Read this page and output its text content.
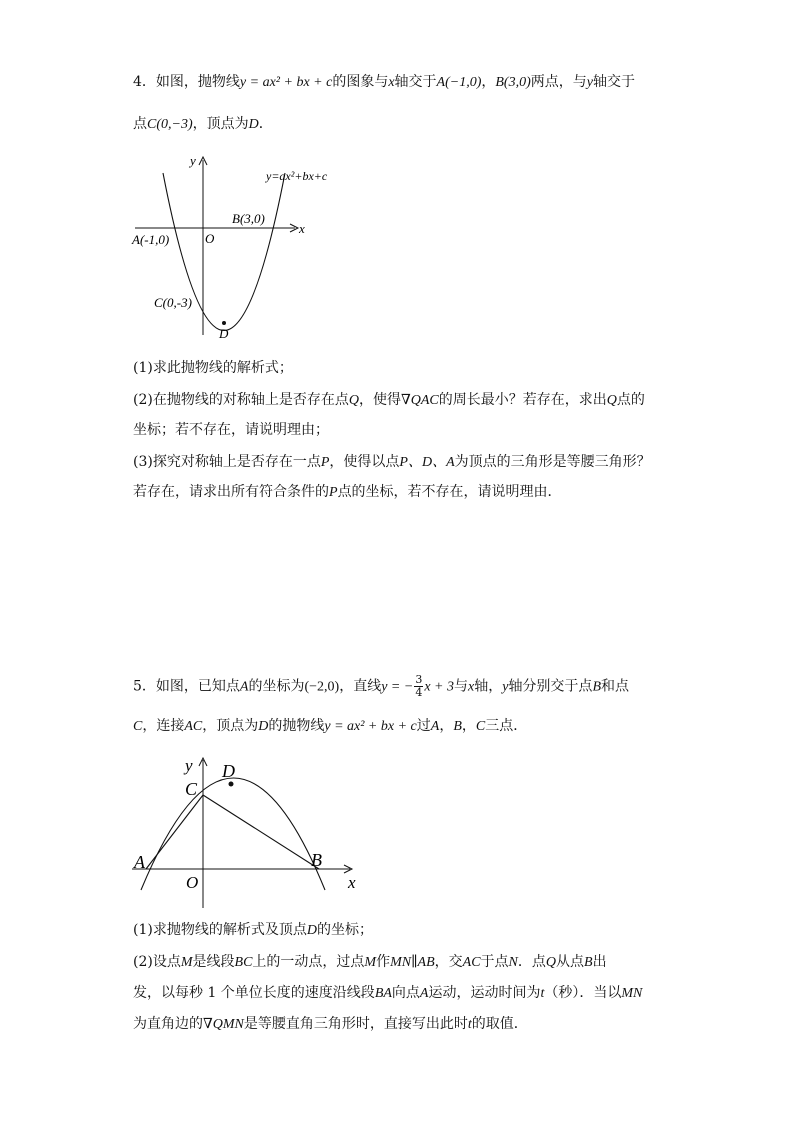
4．如图，抛物线y = ax² + bx + c的图象与x轴交于A(−1,0)，B(3,0)两点，与y轴交于
点C(0,−3)，顶点为D．
y
x
O
y=ax²+bx+c
B(3,0)
A(-1,0)
C(0,-3)
D
(1)求此抛物线的解析式；
(2)在抛物线的对称轴上是否存在点Q，使得∇QAC的周长最小？若存在，求出Q点的
坐标；若不存在，请说明理由；
(3)探究对称轴上是否存在一点P，使得以点P、D、A为顶点的三角形是等腰三角形？
若存在，请求出所有符合条件的P点的坐标，若不存在，请说明理由．
5．如图，已知点A的坐标为(−2,0)，直线y = − $\frac{3}{4}$ x + 3与x轴，y轴分别交于点B和点
C，连接AC，顶点为D的抛物线y = ax² + bx + c过A，B，C三点．
y
x
O
C
D
A	B
(1)求抛物线的解析式及顶点D的坐标；
(2)设点M是线段BC上的一动点，过点M作MN∥AB，交AC于点N．点Q从点B出
发，以每秒 1 个单位长度的速度沿线段BA向点A运动，运动时间为t（秒）．当以MN
为直角边的∇QMN是等腰直角三角形时，直接写出此时t的取值．
